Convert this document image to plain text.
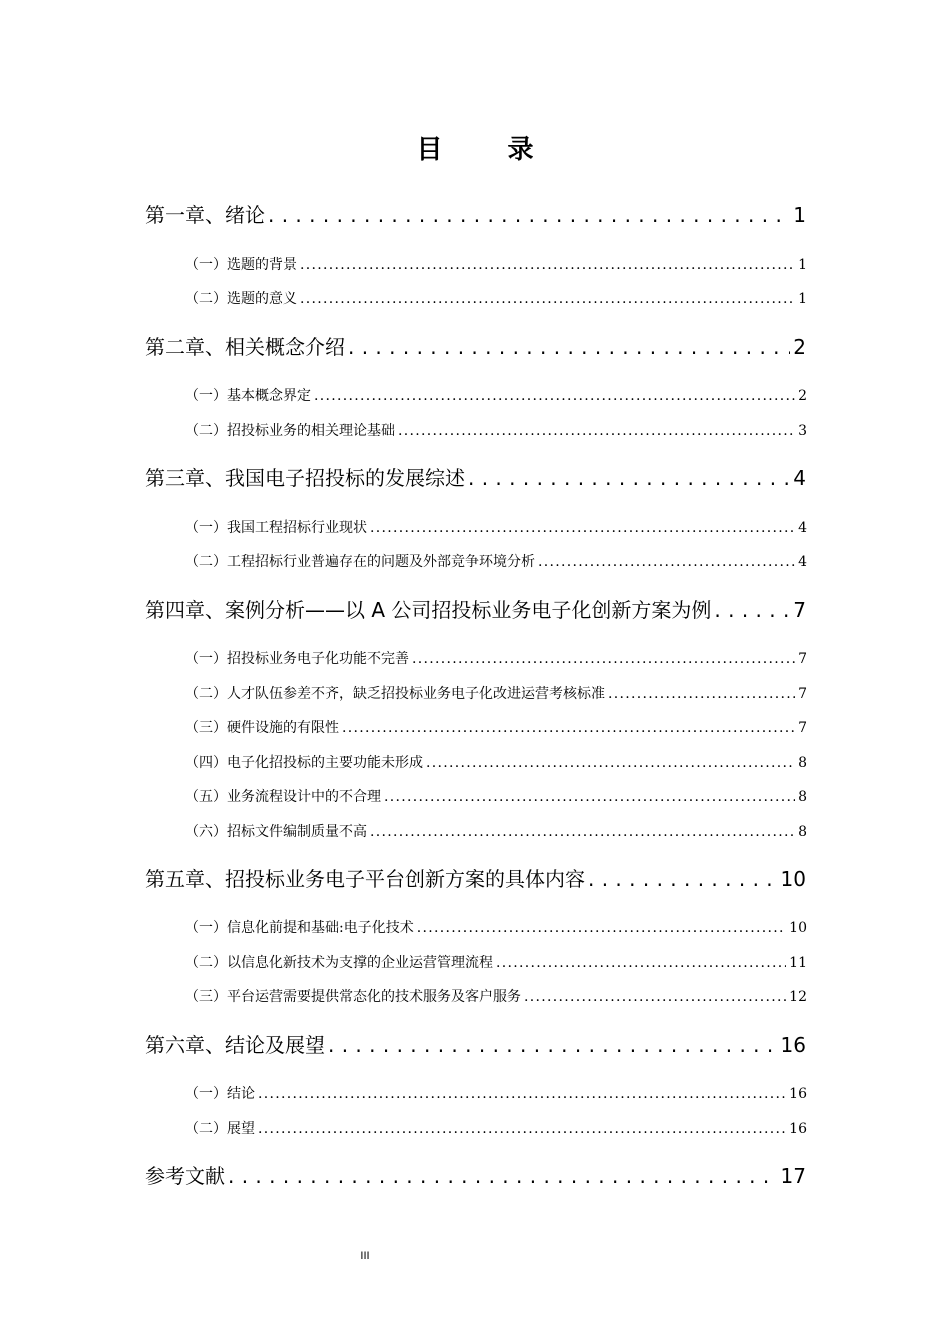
目 录
第一章、绪论 . . .	1
（一）选题的背景 .....	1
（二）选题的意义 .....	1
第二章、相关概念介绍 . . .	2
（一）基本概念界定 .....	2
（二）招投标业务的相关理论基础 .....	3
第三章、我国电子招投标的发展综述 . . .	4
（一）我国工程招标行业现状 .....	4
（二）工程招标行业普遍存在的问题及外部竞争环境分析 .....	4
第四章、案例分析——以 A 公司招投标业务电子化创新方案为例 . . .	7
（一）招投标业务电子化功能不完善 .....	7
（二）人才队伍参差不齐，缺乏招投标业务电子化改进运营考核标准 .....	7
（三）硬件设施的有限性 .....	7
（四）电子化招投标的主要功能未形成 .....	8
（五）业务流程设计中的不合理 .....	8
（六）招标文件编制质量不高 .....	8
第五章、招投标业务电子平台创新方案的具体内容 . . .	10
（一）信息化前提和基础:电子化技术 .....	10
（二）以信息化新技术为支撑的企业运营管理流程 .....	11
（三）平台运营需要提供常态化的技术服务及客户服务 .....	12
第六章、结论及展望 . . .	16
（一）结论 .....	16
（二）展望 .....	16
参考文献 . . .	17
III
